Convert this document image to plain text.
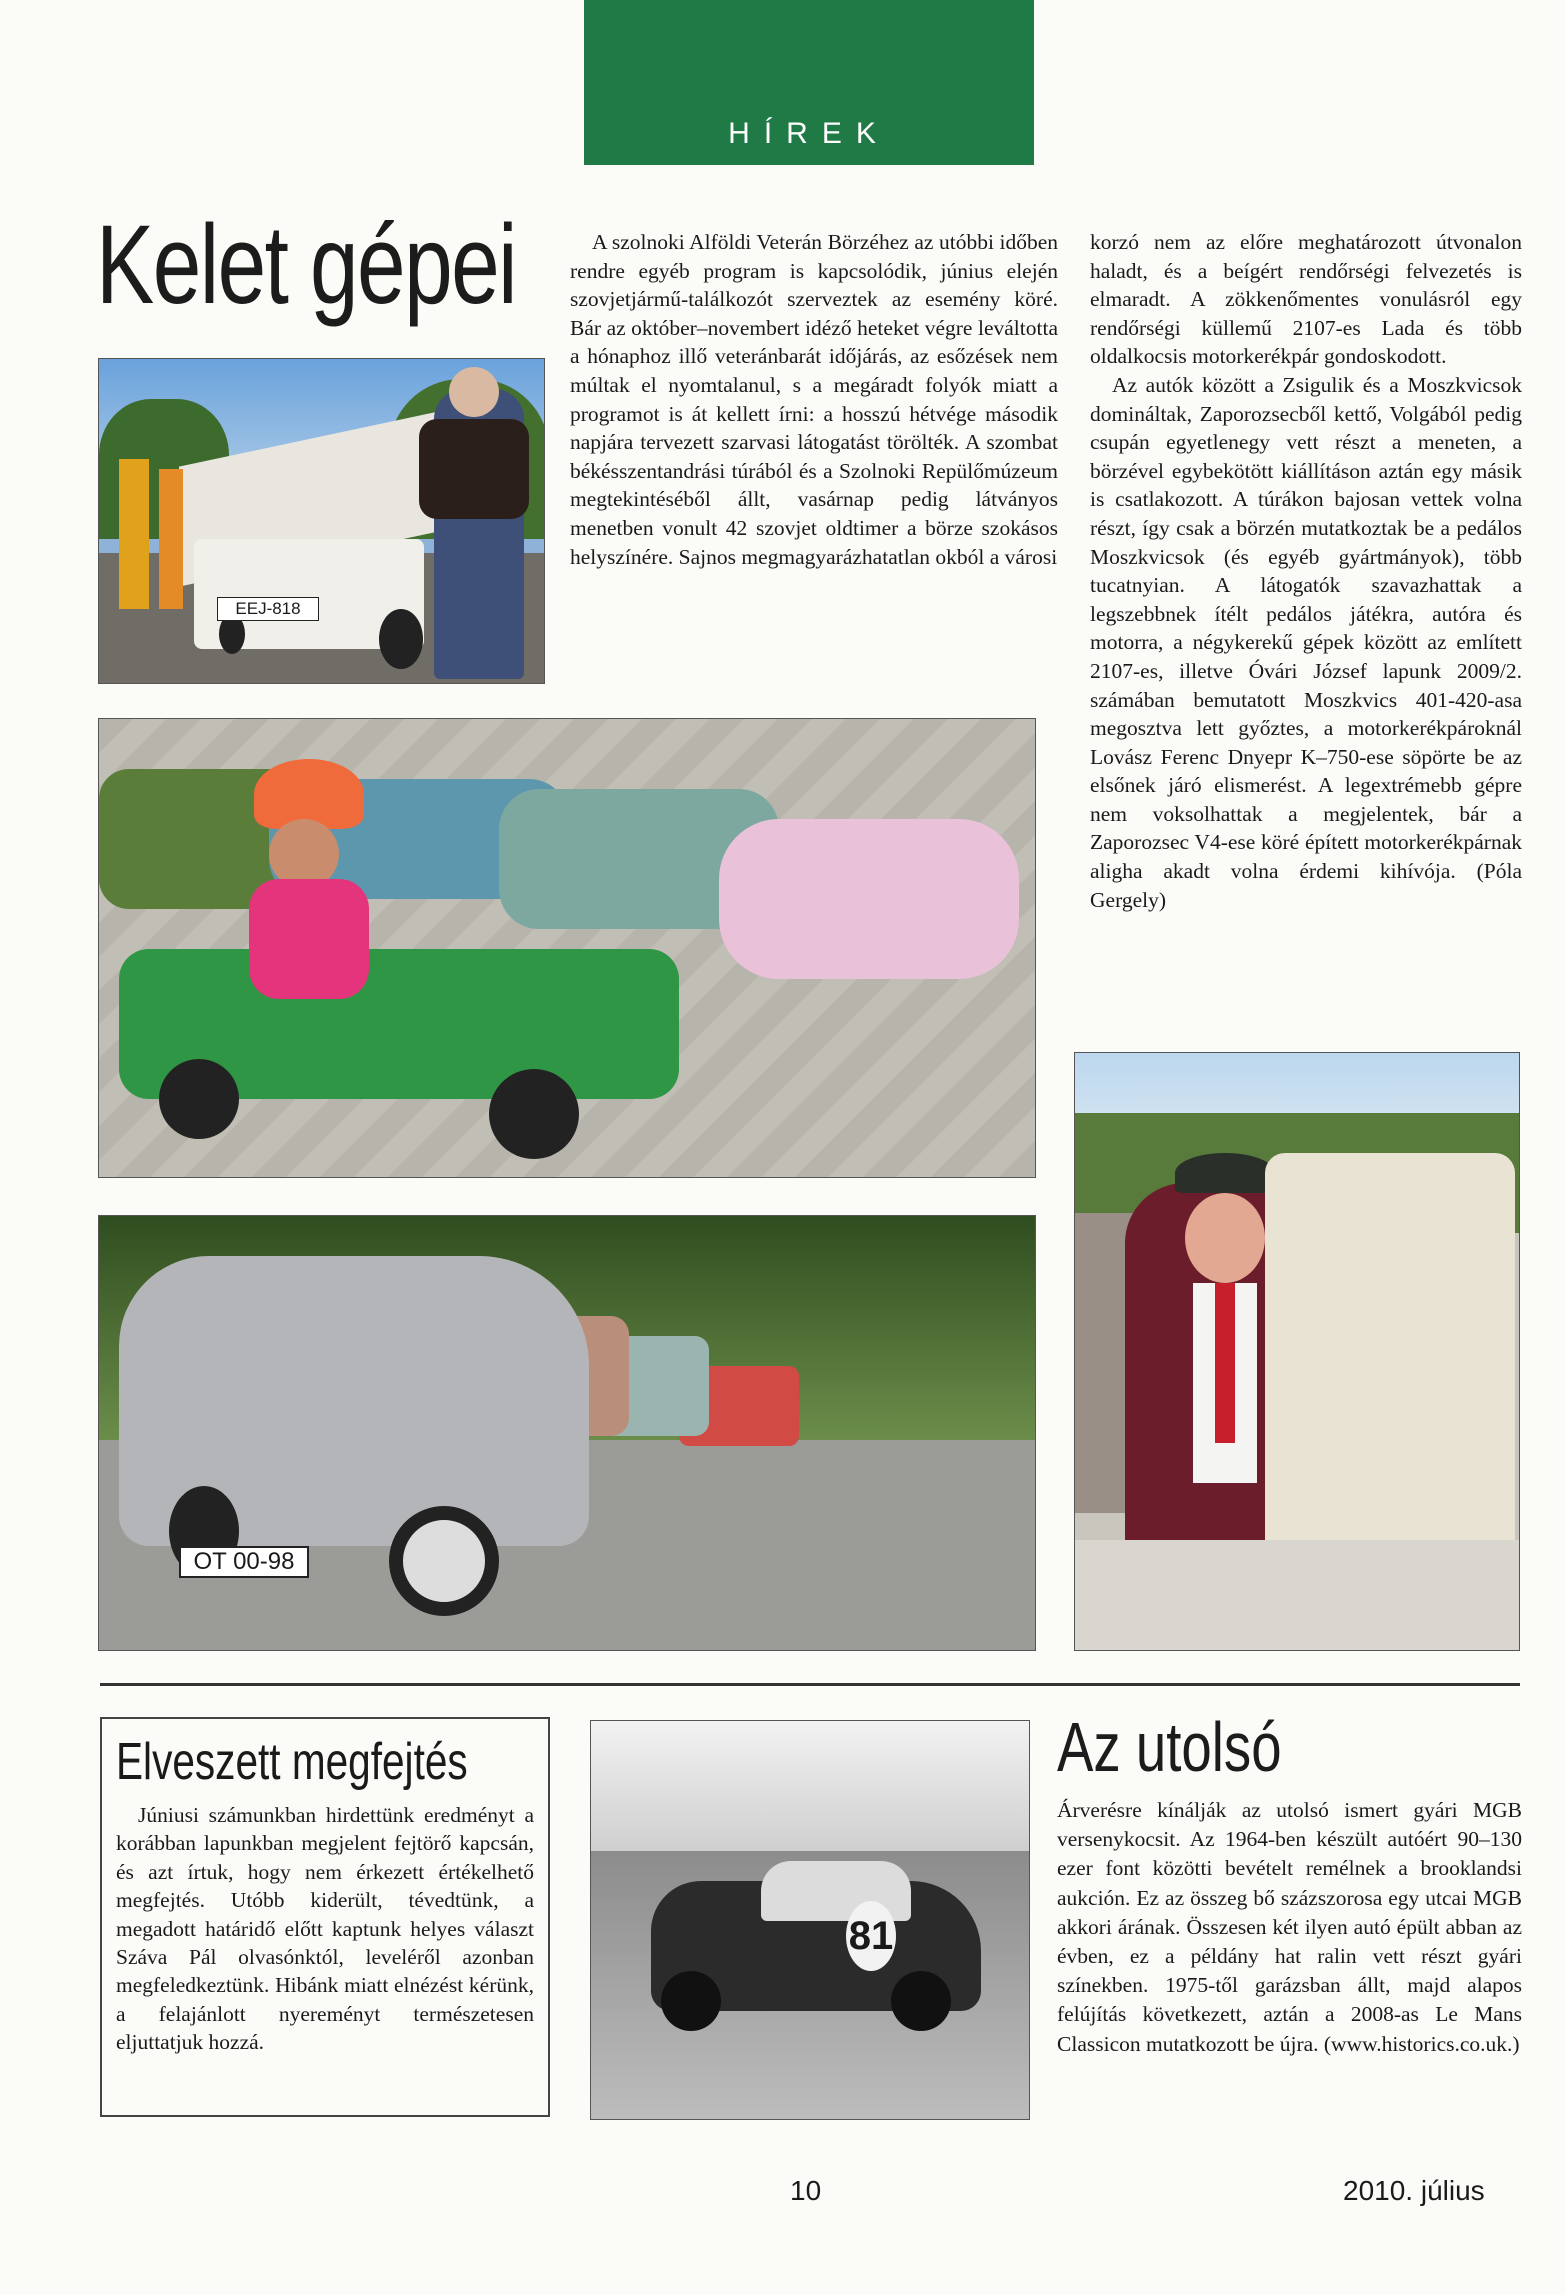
HÍREK
Kelet gépei
EEJ-818

A szolnoki Alföldi Veterán Börzéhez az utóbbi időben rendre egyéb program is kapcsolódik, június elején szovjetjármű-találkozót szerveztek az esemény köré. Bár az október–novembert idéző heteket végre leváltotta a hónaphoz illő veteránbarát időjárás, az esőzések nem múltak el nyomtalanul, s a megáradt folyók miatt a programot is át kellett írni: a hosszú hétvége második napjára tervezett szarvasi látogatást törölték. A szombat békésszentandrási túrából és a Szolnoki Repülőmúzeum megtekintéséből állt, vasárnap pedig látványos menetben vonult 42 szovjet oldtimer a börze szokásos helyszínére. Sajnos megmagyarázhatatlan okból a városi

korzó nem az előre meghatározott útvonalon haladt, és a beígért rendőrségi felvezetés is elmaradt. A zökkenőmentes vonulásról egy rendőrségi küllemű 2107-es Lada és több oldalkocsis motorkerékpár gondoskodott.

Az autók között a Zsigulik és a Moszkvicsok domináltak, Zaporozsecből kettő, Volgából pedig csupán egyetlenegy vett részt a meneten, a börzével egybekötött kiállításon aztán egy másik is csatlakozott. A túrákon bajosan vettek volna részt, így csak a börzén mutatkoztak be a pedálos Moszkvicsok (és egyéb gyártmányok), több tucatnyian. A látogatók szavazhattak a legszebbnek ítélt pedálos játékra, autóra és motorra, a négykerekű gépek között az említett 2107-es, illetve Óvári József lapunk 2009/2. számában bemutatott Moszkvics 401-420-asa megosztva lett győztes, a motorkerékpároknál Lovász Ferenc Dnyepr K–750-ese söpörte be az elsőnek járó elismerést. A legextrémebb gépre nem voksolhattak a megjelentek, bár a Zaporozsec V4-ese köré épített motorkerékpárnak aligha akadt volna érdemi kihívója. (Póla Gergely)

OT 00-98
Elveszett megfejtés

Júniusi számunkban hirdettünk eredményt a korábban lapunkban megjelent fejtörő kapcsán, és azt írtuk, hogy nem érkezett értékelhető megfejtés. Utóbb kiderült, tévedtünk, a megadott határidő előtt kaptunk helyes választ Száva Pál olvasónktól, leveléről azonban megfeledkeztünk. Hibánk miatt elnézést kérünk, a felajánlott nyereményt természetesen eljuttatjuk hozzá.

81
Az utolsó

Árverésre kínálják az utolsó ismert gyári MGB versenykocsit. Az 1964-ben készült autóért 90–130 ezer font közötti bevételt remélnek a brooklandsi aukción. Ez az összeg bő százszorosa egy utcai MGB akkori árának. Összesen két ilyen autó épült abban az évben, ez a példány hat ralin vett részt gyári színekben. 1975-től garázsban állt, majd alapos felújítás következett, aztán a 2008-as Le Mans Classicon mutatkozott be újra. (www.historics.co.uk.)

10	2010. július
